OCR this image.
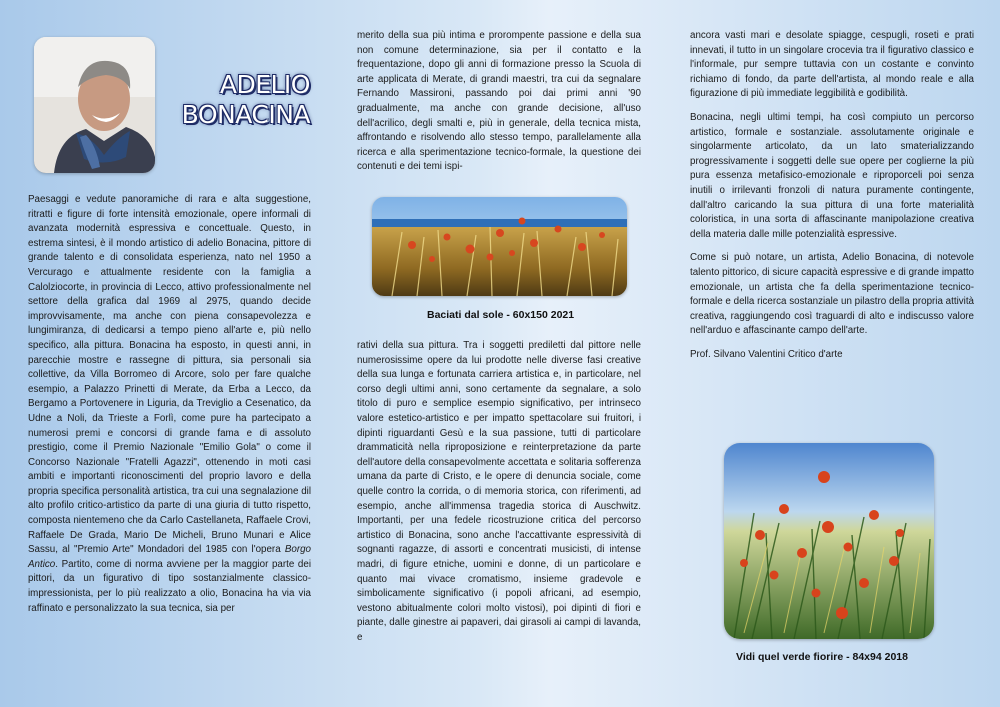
ADELIO
BONACINA

Paesaggi e vedute panoramiche di rara e alta suggestione, ritratti e figure di forte intensità emozionale, opere informali di avanzata modernità espressiva e concettuale. Questo, in estrema sintesi, è il mondo artistico di adelio Bonacina, pittore di grande talento e di consolidata esperienza, nato nel 1950 a Vercurago e attualmente residente con la famiglia a Calolziocorte, in provincia di Lecco, attivo professionalmente nel settore della grafica dal 1969 al 2975, quando decide improvvisamente, ma anche con piena consapevolezza e lungimiranza, di dedicarsi a tempo pieno all'arte e, più nello specifico, alla pittura. Bonacina ha esposto, in questi anni, in parecchie mostre e rassegne di pittura, sia personali sia collettive, da Villa Borromeo di Arcore, solo per fare qualche esempio, a Palazzo Prinetti di Merate, da Erba a Lecco, da Bergamo a Portovenere in Liguria, da Treviglio a Cesenatico, da Udne a Noli, da Trieste a Forlì, come pure ha partecipato a numerosi premi e concorsi di grande fama e di assoluto prestigio, come il Premio Nazionale "Emilio Gola" o come il Concorso Nazionale "Fratelli Agazzi", ottenendo in moti casi ambiti e importanti riconoscimenti del proprio lavoro e della propria specifica personalità artistica, tra cui una segnalazione dil alto profilo critico-artistico da parte di una giuria di tutto rispetto, composta nientemeno che da Carlo Castellaneta, Raffaele Crovi, Raffaele De Grada, Mario De Micheli, Bruno Munari e Alice Sassu, al "Premio Arte" Mondadori del 1985 con l'opera Borgo Antico. Partito, come di norma avviene per la maggior parte dei pittori, da un figurativo di tipo sostanzialmente classico-impressionista, per lo più realizzato a olio, Bonacina ha via via raffinato e personalizzato la sua tecnica, sia per

merito della sua più intima e prorompente passione e della sua non comune determinazione, sia per il contatto e la frequentazione, dopo gli anni di formazione presso la Scuola di arte applicata di Merate, di grandi maestri, tra cui da segnalare Fernando Massironi, passando poi dai primi anni '90 gradualmente, ma anche con grande decisione, all'uso dell'acrilico, degli smalti e, più in generale, della tecnica mista, affrontando e risolvendo allo stesso tempo, parallelamente alla ricerca e alla sperimentazione tecnico-formale, la questione dei contenuti e dei temi ispi-

Baciati dal sole - 60x150 2021

rativi della sua pittura. Tra i soggetti prediletti dal pittore nelle numerosissime opere da lui prodotte nelle diverse fasi creative della sua lunga e fortunata carriera artistica e, in particolare, nel corso degli ultimi anni, sono certamente da segnalare, a solo titolo di puro e semplice esempio significativo, per intrinseco valore estetico-artistico e per impatto spettacolare sui fruitori, i dipinti riguardanti Gesù e la sua passione, tutti di particolare drammaticità nella riproposizione e reinterpretazione da parte dell'autore della consapevolmente accettata e solitaria sofferenza umana da parte di Cristo, e le opere di denuncia sociale, come quelle contro la corrida, o di memoria storica, con riferimenti, ad esempio, anche all'immensa tragedia storica di Auschwitz. Importanti, per una fedele ricostruzione critica del percorso artistico di Bonacina, sono anche l'accattivante espressività di sognanti ragazze, di assorti e concentrati musicisti, di intense madri, di figure etniche, uomini e donne, di un particolare e quanto mai vivace cromatismo, insieme gradevole e simbolicamente significativo (i popoli africani, ad esempio, vestono abitualmente colori molto vistosi), poi dipinti di fiori e piante, dalle ginestre ai papaveri, dai girasoli ai campi di lavanda, e

ancora vasti mari e desolate spiagge, cespugli, roseti e prati innevati, il tutto in un singolare crocevia tra il figurativo classico e l'informale, pur sempre tuttavia con un costante e convinto richiamo di fondo, da parte dell'artista, al mondo reale e alla figurazione di più immediate leggibilità e godibilità.

Bonacina, negli ultimi tempi, ha così compiuto un percorso artistico, formale e sostanziale. assolutamente originale e singolarmente articolato, da un lato smaterializzando progressivamente i soggetti delle sue opere per coglierne la più pura essenza metafisico-emozionale e riproporceli poi senza inutili o irrilevanti fronzoli di natura puramente contingente, dall'altro caricando la sua pittura di una forte materialità coloristica, in una sorta di affascinante manipolazione creativa della materia dalle mille potenzialità espressive.

Come si può notare, un artista, Adelio Bonacina, di notevole talento pittorico, di sicure capacità espressive e di grande impatto emozionale, un artista che fa della sperimentazione tecnico-formale e della ricerca sostanziale un pilastro della propria attività creativa, raggiungendo così traguardi di alto e indiscusso valore nell'arduo e affascinante campo dell'arte.

Prof. Silvano Valentini Critico d'arte

Vidi quel verde fiorire - 84x94 2018
